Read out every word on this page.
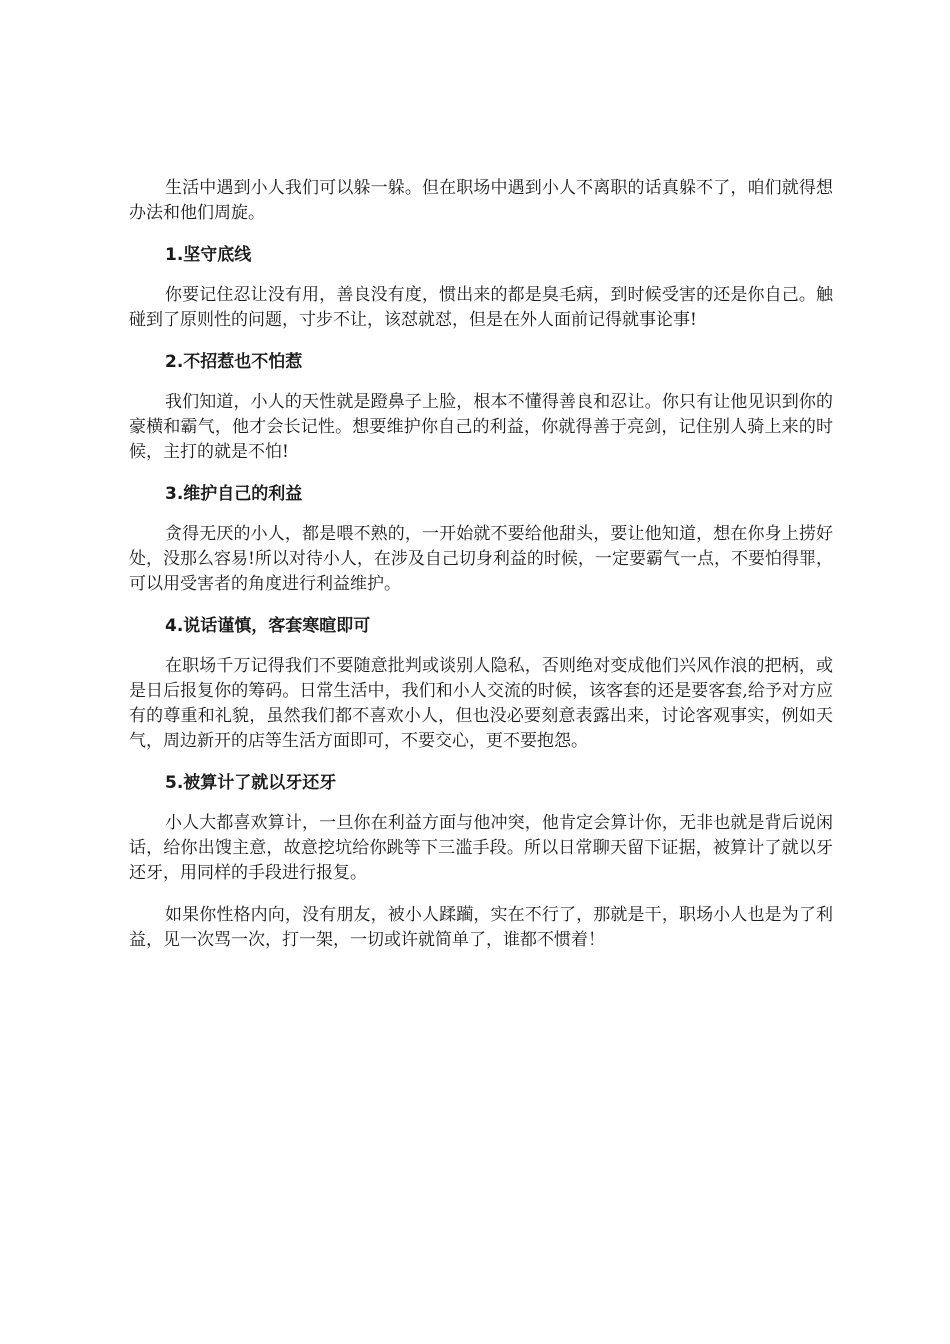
生活中遇到小人我们可以躲一躲。但在职场中遇到小人不离职的话真躲不了，咱们就得想办法和他们周旋。

1.坚守底线

你要记住忍让没有用，善良没有度，惯出来的都是臭毛病，到时候受害的还是你自己。触碰到了原则性的问题，寸步不让，该怼就怼，但是在外人面前记得就事论事!

2.不招惹也不怕惹

我们知道，小人的天性就是蹬鼻子上脸，根本不懂得善良和忍让。你只有让他见识到你的豪横和霸气，他才会长记性。想要维护你自己的利益，你就得善于亮剑，记住别人骑上来的时候，主打的就是不怕!

3.维护自己的利益

贪得无厌的小人，都是喂不熟的，一开始就不要给他甜头，要让他知道，想在你身上捞好处，没那么容易!所以对待小人，在涉及自己切身利益的时候，一定要霸气一点，不要怕得罪，可以用受害者的角度进行利益维护。

4.说话谨慎，客套寒暄即可

在职场千万记得我们不要随意批判或谈别人隐私，否则绝对变成他们兴风作浪的把柄，或是日后报复你的筹码。日常生活中，我们和小人交流的时候，该客套的还是要客套,给予对方应有的尊重和礼貌，虽然我们都不喜欢小人，但也没必要刻意表露出来，讨论客观事实，例如天气，周边新开的店等生活方面即可，不要交心，更不要抱怨。

5.被算计了就以牙还牙

小人大都喜欢算计，一旦你在利益方面与他冲突，他肯定会算计你，无非也就是背后说闲话，给你出馊主意，故意挖坑给你跳等下三滥手段。所以日常聊天留下证据，被算计了就以牙还牙，用同样的手段进行报复。

如果你性格内向，没有朋友，被小人蹂躏，实在不行了，那就是干，职场小人也是为了利益，见一次骂一次，打一架，一切或许就简单了，谁都不惯着！
